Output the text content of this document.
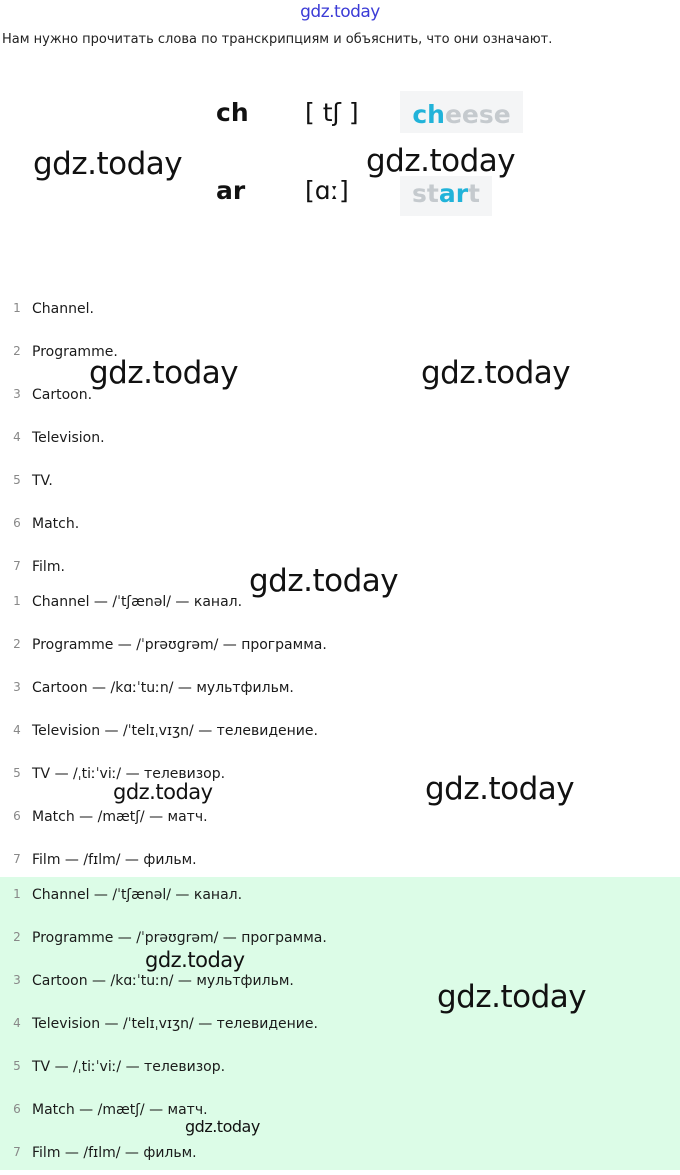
gdz.today
Нам нужно прочитать слова по транскрипциям и объяснить, что они означают.
ch [ tʃ ]	cheese
ar [ɑː]	start
1 Channel.
2 Programme.
3 Cartoon.
4 Television.
5 TV.
6 Match.
7 Film.
1 Channel — /ˈtʃænəl/ — канал.
2 Programme — /ˈprəʊɡrəm/ — программа.
3 Cartoon — /kɑːˈtuːn/ — мультфильм.
4 Television — /ˈtelɪˌvɪʒn/ — телевидение.
5 TV — /ˌtiːˈviː/ — телевизор.
6 Match — /mætʃ/ — матч.
7 Film — /fɪlm/ — фильм.
1 Channel — /ˈtʃænəl/ — канал.
2 Programme — /ˈprəʊɡrəm/ — программа.
3 Cartoon — /kɑːˈtuːn/ — мультфильм.
4 Television — /ˈtelɪˌvɪʒn/ — телевидение.
5 TV — /ˌtiːˈviː/ — телевизор.
6 Match — /mætʃ/ — матч.
7 Film — /fɪlm/ — фильм.
gdz.today	gdz.today
gdz.today	gdz.today
gdz.today
gdz.today	gdz.today
gdz.today
gdz.today
gdz.today
